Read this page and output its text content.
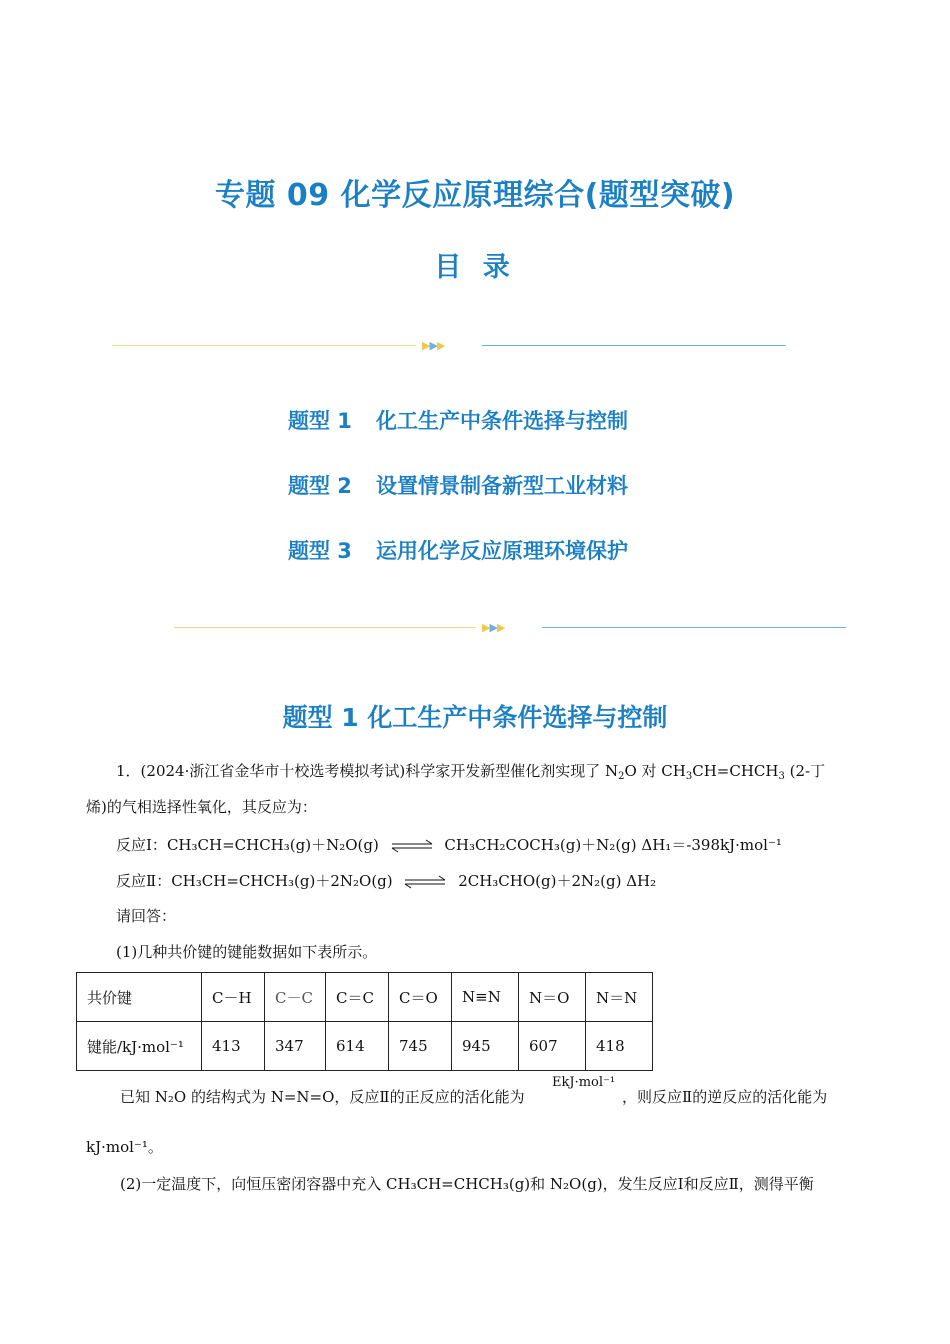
专题 09 化学反应原理综合(题型突破)
目 录
▶▶▶
题型 1 化工生产中条件选择与控制
题型 2 设置情景制备新型工业材料
题型 3 运用化学反应原理环境保护
▶▶▶
题型 1 化工生产中条件选择与控制
1．(2024·浙江省金华市十校选考模拟考试)科学家开发新型催化剂实现了 $N_2O$ 对 $CH_3CH=CHCH_3$ (2-丁
烯)的气相选择性氧化，其反应为：
反应Ⅰ：CH₃CH=CHCH₃(g)＋N₂O(g) ⇌ CH₃CH₂COCH₃(g)＋N₂(g) ΔH₁＝-398kJ·mol⁻¹
反应Ⅱ：CH₃CH=CHCH₃(g)＋2N₂O(g) ⇌ 2CH₃CHO(g)＋2N₂(g) ΔH₂
请回答：
(1)几种共价键的键能数据如下表所示。
共价键	C－H	C－C	C＝C	C＝O	N≡N	N＝O	N＝N
键能/kJ·mol⁻¹	413	347	614	745	945	607	418
已知 N₂O 的结构式为 N=N=O，反应Ⅱ的正反应的活化能为
EkJ·mol⁻¹
，则反应Ⅱ的逆反应的活化能为
kJ·mol⁻¹。
(2)一定温度下，向恒压密闭容器中充入 CH₃CH=CHCH₃(g)和 N₂O(g)，发生反应Ⅰ和反应Ⅱ，测得平衡
